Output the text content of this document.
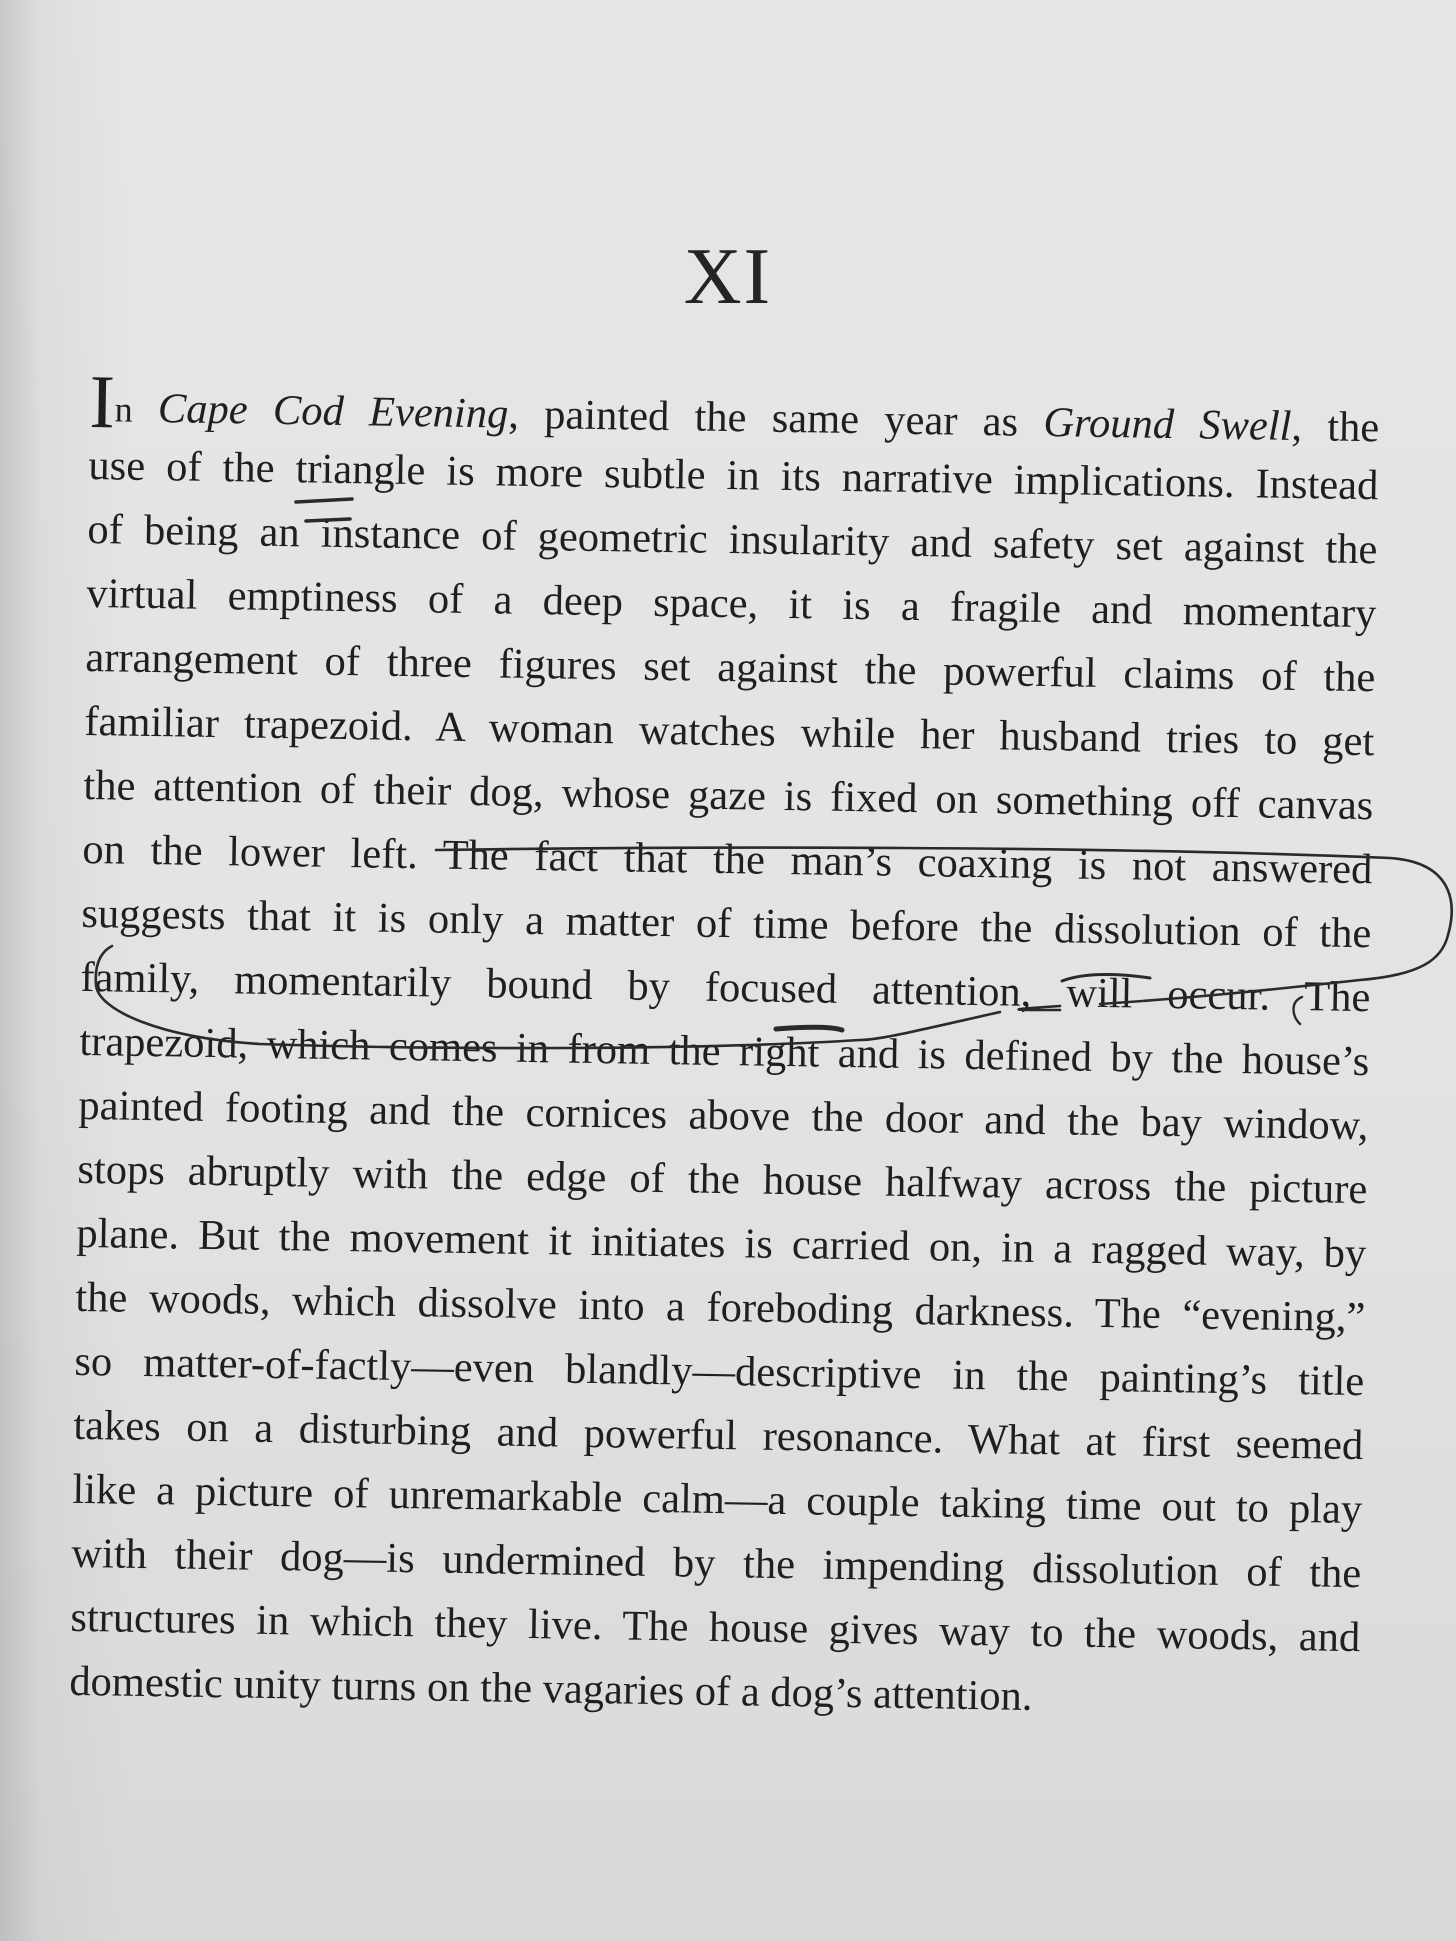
XI
In Cape Cod Evening, painted the same year as Ground Swell, the
use of the triangle is more subtle in its narrative implications. Instead
of being an instance of geometric insularity and safety set against the
virtual emptiness of a deep space, it is a fragile and momentary
arrangement of three figures set against the powerful claims of the
familiar trapezoid. A woman watches while her husband tries to get
the attention of their dog, whose gaze is fixed on something off canvas
on the lower left. The fact that the man’s coaxing is not answered
suggests that it is only a matter of time before the dissolution of the
family, momentarily bound by focused attention, will occur. The
trapezoid, which comes in from the right and is defined by the house’s
painted footing and the cornices above the door and the bay window,
stops abruptly with the edge of the house halfway across the picture
plane. But the movement it initiates is carried on, in a ragged way, by
the woods, which dissolve into a foreboding darkness. The “evening,”
so matter-of-factly—even blandly—descriptive in the painting’s title
takes on a disturbing and powerful resonance. What at first seemed
like a picture of unremarkable calm—a couple taking time out to play
with their dog—is undermined by the impending dissolution of the
structures in which they live. The house gives way to the woods, and
domestic unity turns on the vagaries of a dog’s attention.
